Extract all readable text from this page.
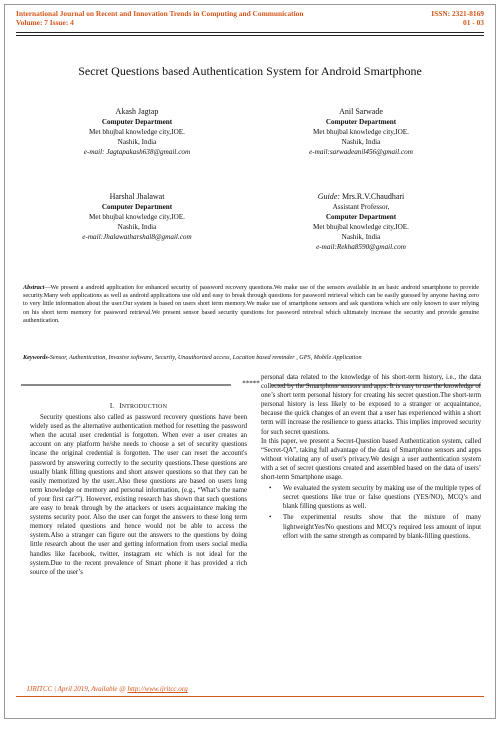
International Journal on Recent and Innovation Trends in Computing and Communication
Volume: 7 Issue: 4
ISSN: 2321-8169
01 - 03
Secret Questions based Authentication System for Android Smartphone
Akash Jagtap
Computer Department
Met bhujbal knowledge city,IOE.
Nashik, India
e-mail: Jagtapakash638@gmail.com
Anil Sarwade
Computer Department
Met bhujbal knowledge city,IOE.
Nashik, India
e-mail:sarwadeanil456@gmail.com
Harshal Jhalawat
Computer Department
Met bhujbal knowledge city,IOE.
Nashik, India
e-mail:Jhalawatharshal8@gmail.com
Guide: Mrs.R.V.Chaudhari
Assistant Professor,
Computer Department
Met bhujbal knowledge city,IOE.
Nashik, India
e-mail:Rekha8590@gmail.com
Abstract—We present a android application for enhanced security of password recovery questions.We make use of the sensors available in an basic android smartphone to provide security.Many web applications as well as android applications use old and easy to break through questions for password retrieval which can be easily guessed by anyone having zero to very little information about the user.Our system is based on users short term memory.We make use of smartphone sensors and ask questions which are only known to user relying on his short term memory for password retrieval.We present sensor based security questions for password retreival which ultimately increase the security and provide genuine authentication.
Keywords-Sensor, Authentication, Invasive software, Security, Unauthorized access, Location based reminder , GPS, Mobile Application
*****
I. INTRODUCTION

Security questions also called as password recovery questions have been widely used as the alternative authentication method for resetting the password when the acutal user credential is forgotten. When ever a user creates an account on any platform he/she needs to choose a set of security questions incase the original credential is forgotten. The user can reset the account's password by answering correctly to the security questions.These questions are usually blank filling questions and short answer questions so that they can be easily memorized by the user..Also these questions are based on users long term knowledge or memory and personal information, (e.g., “What’s the name of your first car?”). However, existing research has shown that such questions are easy to break through by the attackers or users acquaintance making the systems security poor. Also the user can forget the answers to these long term memory related questions and hence would not be able to access the system.Also a stranger can figure out the answers to the questions by doing little research about the user and getting information from users social media handles like facebook, twitter, instagram etc which is not ideal for the system.Due to the recent prevalence of Smart phone it has provided a rich source of the user’s

personal data related to the knowledge of his short-term history, i.e., the data collected by the Smartphone sensors and apps. It is easy to use the knowledge of one’s short term personal history for creating his secret question.The short-term personal history is less likely to be exposed to a stranger or acquaintance, because the quick changes of an event that a user has experienced within a short term will increase the resilience to guess attacks. This implies improved security for such secret questions.

In this paper, we present a Secret-Question based Authentication system, called “Secret-QA”, taking full advantage of the data of Smartphone sensors and apps without violating any of user's privacy.We design a user authentication system with a set of secret questions created and assembled based on the data of users’ short-term Smartphone usage.

• We evaluated the system security by making use of the multiple types of secret questions like true or false questions (YES/NO), MCQ’s and blank filling questions as well.
• The experimental results show that the mixture of many lightweightYes/No questions and MCQ’s required less amount of input effort with the same strength as compared by blank-filling questions.
IJRITCC | April 2019, Available @ http://www.ijritcc.org
